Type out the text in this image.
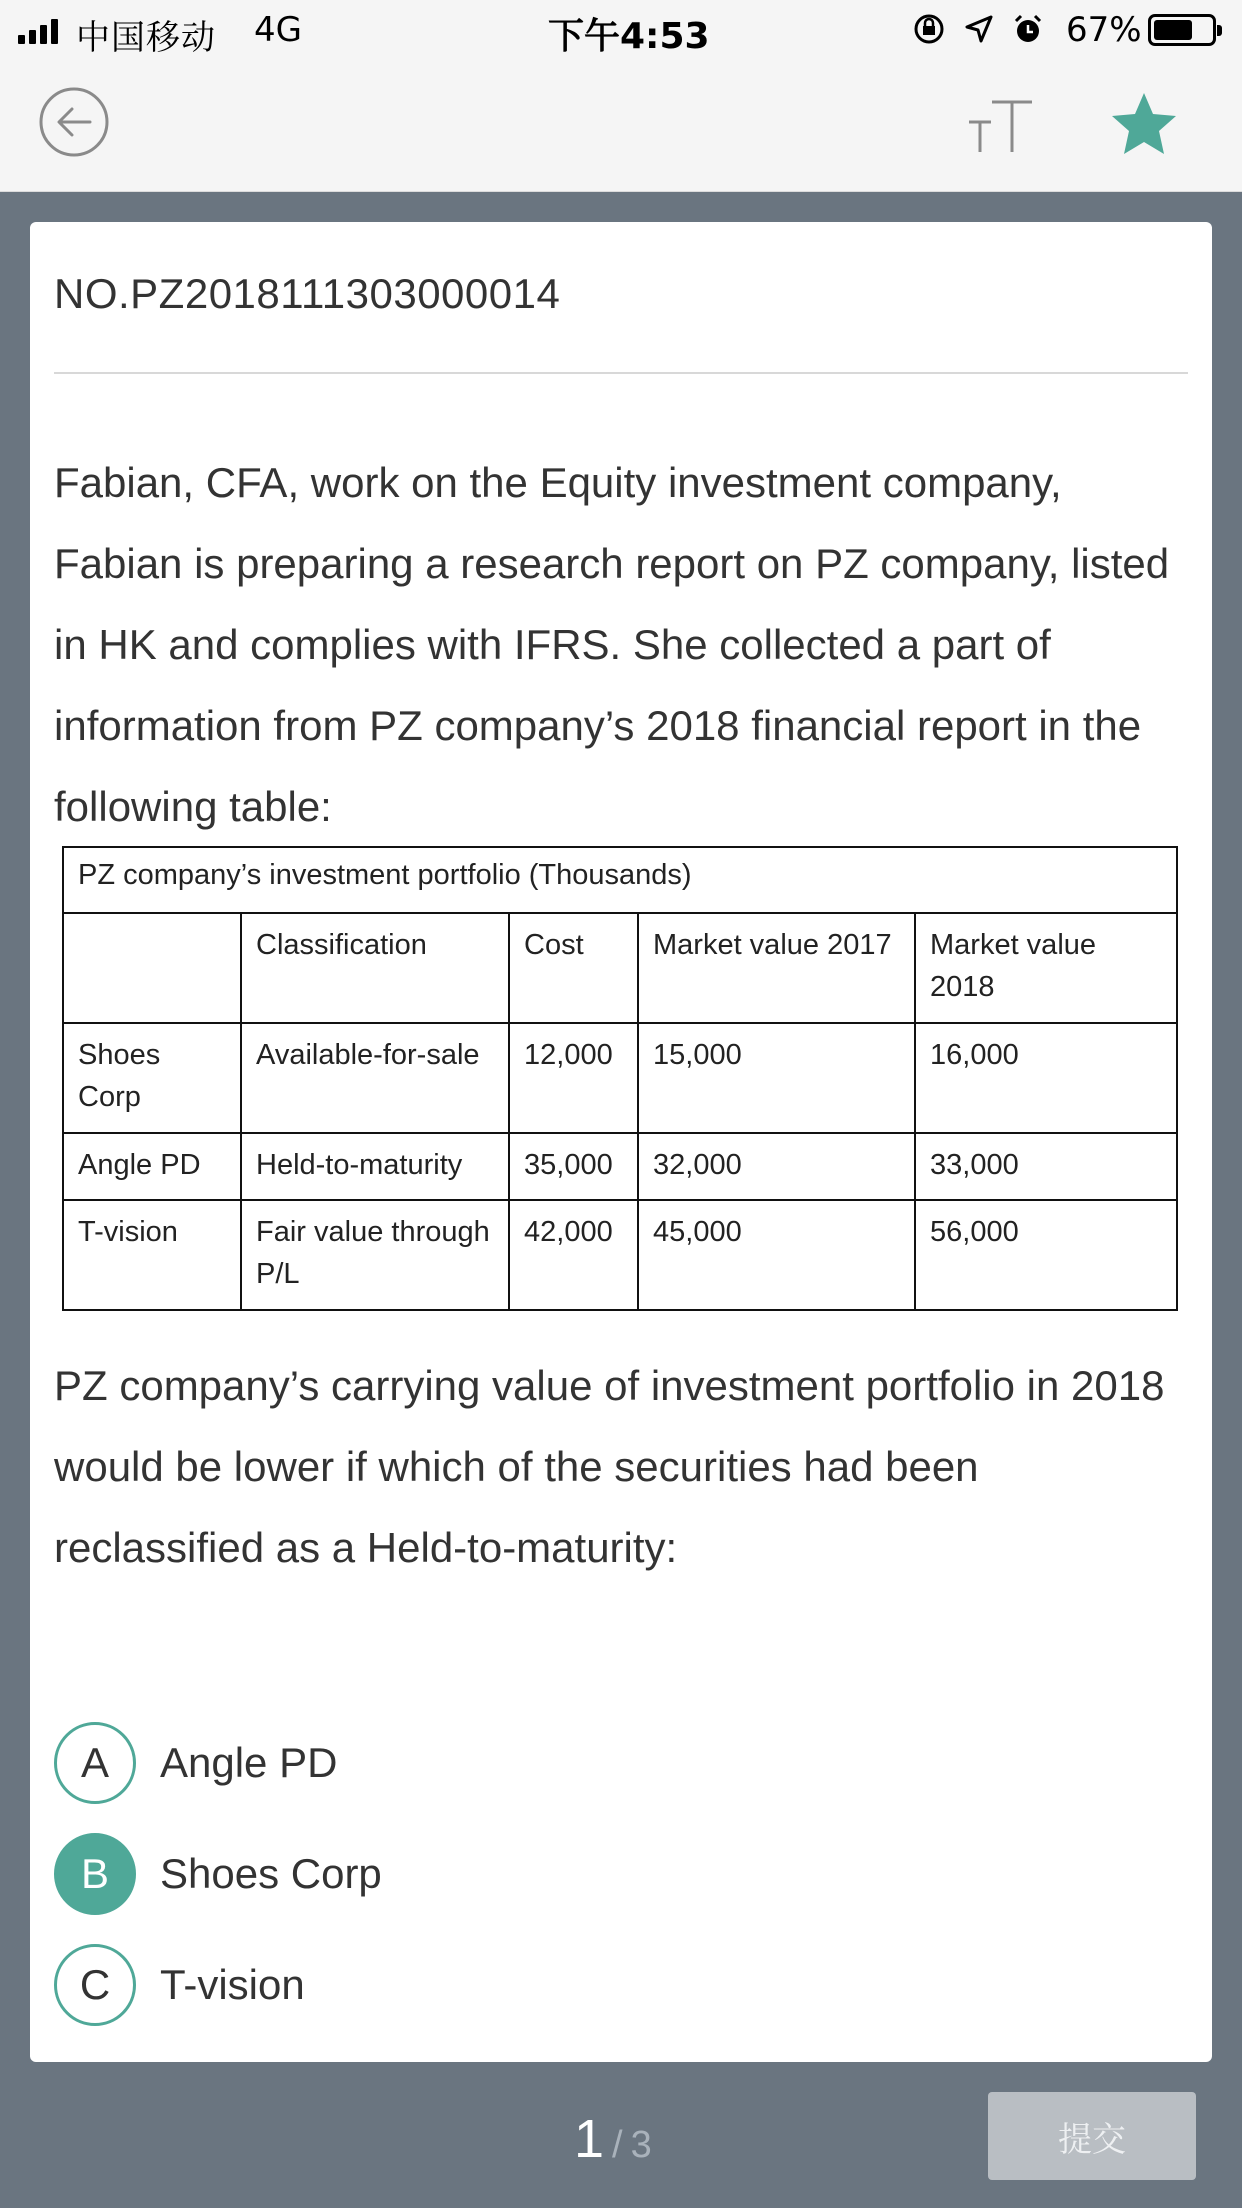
中国移动 4G	下午4:53	67%
NO.PZ2018111303000014
Fabian, CFA, work on the Equity investment company, Fabian is preparing a research report on PZ company, listed in HK and complies with IFRS. She collected a part of information from PZ company’s 2018 financial report in the following table:
PZ company’s investment portfolio (Thousands)				
	Classification	Cost	Market value 2017	Market value 2018
Shoes Corp	Available-for-sale	12,000	15,000	16,000
Angle PD	Held-to-maturity	35,000	32,000	33,000
T-vision	Fair value through P/L	42,000	45,000	56,000
PZ company’s carrying value of investment portfolio in 2018 would be lower if which of the securities had been reclassified as a Held-to-maturity:
A	Angle PD
B	Shoes Corp
C	T-vision
1 / 3	提交
